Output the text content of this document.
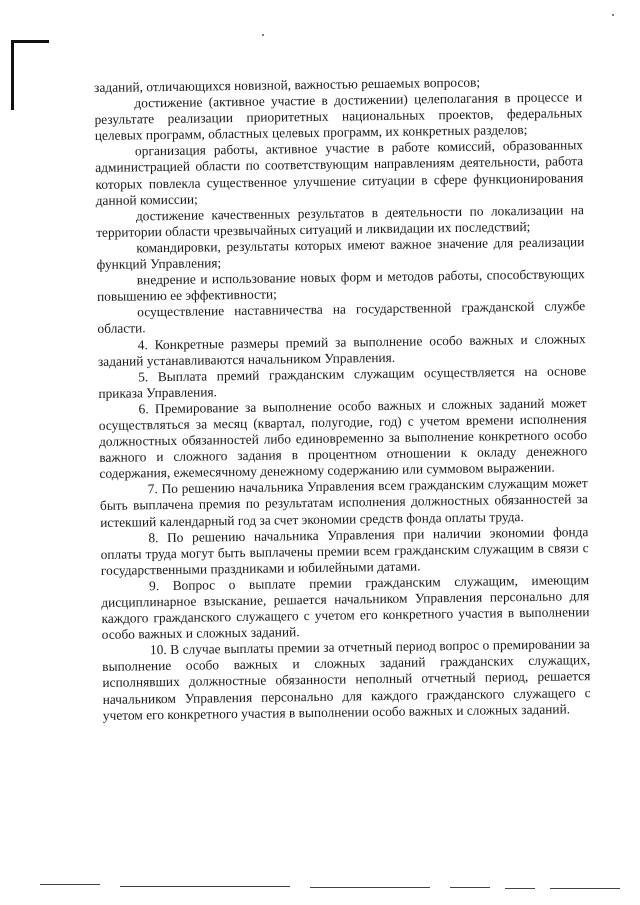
заданий, отличающихся новизной, важностью решаемых вопросов;

достижение (активное участие в достижении) целеполагания в процессе и результате реализации приоритетных национальных проектов, федеральных целевых программ, областных целевых программ, их конкретных разделов;

организация работы, активное участие в работе комиссий, образованных администрацией области по соответствующим направлениям деятельности, работа которых повлекла существенное улучшение ситуации в сфере функционирования данной комиссии;

достижение качественных результатов в деятельности по локализации на территории области чрезвычайных ситуаций и ликвидации их последствий;

командировки, результаты которых имеют важное значение для реализации функций Управления;

внедрение и использование новых форм и методов работы, способствующих повышению ее эффективности;

осуществление наставничества на государственной гражданской службе области.

4. Конкретные размеры премий за выполнение особо важных и сложных заданий устанавливаются начальником Управления.

5. Выплата премий гражданским служащим осуществляется на основе приказа Управления.

6. Премирование за выполнение особо важных и сложных заданий может осуществляться за месяц (квартал, полугодие, год) с учетом времени исполнения должностных обязанностей либо единовременно за выполнение конкретного особо важного и сложного задания в процентном отношении к окладу денежного содержания, ежемесячному денежному содержанию или суммовом выражении.

7. По решению начальника Управления всем гражданским служащим может быть выплачена премия по результатам исполнения должностных обязанностей за истекший календарный год за счет экономии средств фонда оплаты труда.

8. По решению начальника Управления при наличии экономии фонда оплаты труда могут быть выплачены премии всем гражданским служащим в связи с государственными праздниками и юбилейными датами.

9. Вопрос о выплате премии гражданским служащим, имеющим дисциплинарное взыскание, решается начальником Управления персонально для каждого гражданского служащего с учетом его конкретного участия в выполнении особо важных и сложных заданий.

10. В случае выплаты премии за отчетный период вопрос о премировании за выполнение особо важных и сложных заданий гражданских служащих, исполнявших должностные обязанности неполный отчетный период, решается начальником Управления персонально для каждого гражданского служащего с учетом его конкретного участия в выполнении особо важных и сложных заданий.
